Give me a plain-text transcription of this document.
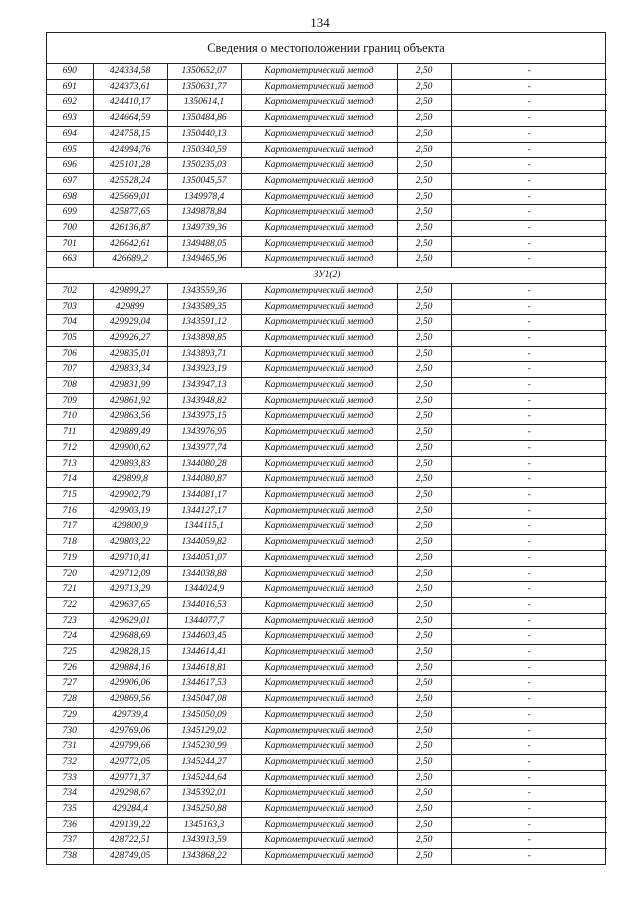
134
Сведения о местоположении границ объекта
690	424334,58	1350652,07	Картометрический метод	2,50	-
691	424373,61	1350631,77	Картометрический метод	2,50	-
692	424410,17	1350614,1	Картометрический метод	2,50	-
693	424664,59	1350484,86	Картометрический метод	2,50	-
694	424758,15	1350440,13	Картометрический метод	2,50	-
695	424994,76	1350340,59	Картометрический метод	2,50	-
696	425101,28	1350235,03	Картометрический метод	2,50	-
697	425528,24	1350045,57	Картометрический метод	2,50	-
698	425669,01	1349978,4	Картометрический метод	2,50	-
699	425877,65	1349878,84	Картометрический метод	2,50	-
700	426136,87	1349739,36	Картометрический метод	2,50	-
701	426642,61	1349488,05	Картометрический метод	2,50	-
663	426689,2	1349465,96	Картометрический метод	2,50	-
ЗУ1(2)					
702	429899,27	1343559,36	Картометрический метод	2,50	-
703	429899	1343589,35	Картометрический метод	2,50	-
704	429929,04	1343591,12	Картометрический метод	2,50	-
705	429926,27	1343898,85	Картометрический метод	2,50	-
706	429835,01	1343893,71	Картометрический метод	2,50	-
707	429833,34	1343923,19	Картометрический метод	2,50	-
708	429831,99	1343947,13	Картометрический метод	2,50	-
709	429861,92	1343948,82	Картометрический метод	2,50	-
710	429863,56	1343975,15	Картометрический метод	2,50	-
711	429889,49	1343976,95	Картометрический метод	2,50	-
712	429900,62	1343977,74	Картометрический метод	2,50	-
713	429893,83	1344080,28	Картометрический метод	2,50	-
714	429899,8	1344080,87	Картометрический метод	2,50	-
715	429902,79	1344081,17	Картометрический метод	2,50	-
716	429903,19	1344127,17	Картометрический метод	2,50	-
717	429800,9	1344115,1	Картометрический метод	2,50	-
718	429803,22	1344059,82	Картометрический метод	2,50	-
719	429710,41	1344051,07	Картометрический метод	2,50	-
720	429712,09	1344038,88	Картометрический метод	2,50	-
721	429713,29	1344024,9	Картометрический метод	2,50	-
722	429637,65	1344016,53	Картометрический метод	2,50	-
723	429629,01	1344077,7	Картометрический метод	2,50	-
724	429688,69	1344603,45	Картометрический метод	2,50	-
725	429828,15	1344614,41	Картометрический метод	2,50	-
726	429884,16	1344618,81	Картометрический метод	2,50	-
727	429906,06	1344617,53	Картометрический метод	2,50	-
728	429869,56	1345047,08	Картометрический метод	2,50	-
729	429739,4	1345050,09	Картометрический метод	2,50	-
730	429769,06	1345129,02	Картометрический метод	2,50	-
731	429799,66	1345230,99	Картометрический метод	2,50	-
732	429772,05	1345244,27	Картометрический метод	2,50	-
733	429771,37	1345244,64	Картометрический метод	2,50	-
734	429298,67	1345392,01	Картометрический метод	2,50	-
735	429284,4	1345250,88	Картометрический метод	2,50	-
736	429139,22	1345163,3	Картометрический метод	2,50	-
737	428722,51	1343913,59	Картометрический метод	2,50	-
738	428749,05	1343868,22	Картометрический метод	2,50	-
